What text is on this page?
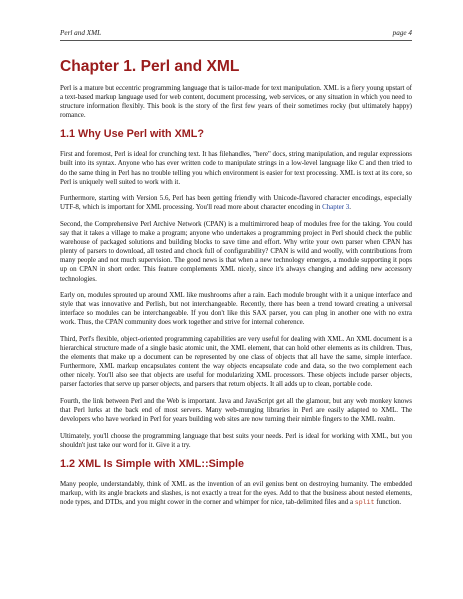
Perl and XML	page 4
Chapter 1. Perl and XML

Perl is a mature but eccentric programming language that is tailor-made for text manipulation. XML is a fiery young upstart of a text-based markup language used for web content, document processing, web services, or any situation in which you need to structure information flexibly. This book is the story of the first few years of their sometimes rocky (but ultimately happy) romance.

1.1 Why Use Perl with XML?

First and foremost, Perl is ideal for crunching text. It has filehandles, "here" docs, string manipulation, and regular expressions built into its syntax. Anyone who has ever written code to manipulate strings in a low-level language like C and then tried to do the same thing in Perl has no trouble telling you which environment is easier for text processing. XML is text at its core, so Perl is uniquely well suited to work with it.

Furthermore, starting with Version 5.6, Perl has been getting friendly with Unicode-flavored character encodings, especially UTF-8, which is important for XML processing. You'll read more about character encoding in Chapter 3.

Second, the Comprehensive Perl Archive Network (CPAN) is a multimirrored heap of modules free for the taking. You could say that it takes a village to make a program; anyone who undertakes a programming project in Perl should check the public warehouse of packaged solutions and building blocks to save time and effort. Why write your own parser when CPAN has plenty of parsers to download, all tested and chock full of configurability? CPAN is wild and woolly, with contributions from many people and not much supervision. The good news is that when a new technology emerges, a module supporting it pops up on CPAN in short order. This feature complements XML nicely, since it's always changing and adding new accessory technologies.

Early on, modules sprouted up around XML like mushrooms after a rain. Each module brought with it a unique interface and style that was innovative and Perlish, but not interchangeable. Recently, there has been a trend toward creating a universal interface so modules can be interchangeable. If you don't like this SAX parser, you can plug in another one with no extra work. Thus, the CPAN community does work together and strive for internal coherence.

Third, Perl's flexible, object-oriented programming capabilities are very useful for dealing with XML. An XML document is a hierarchical structure made of a single basic atomic unit, the XML element, that can hold other elements as its children. Thus, the elements that make up a document can be represented by one class of objects that all have the same, simple interface. Furthermore, XML markup encapsulates content the way objects encapsulate code and data, so the two complement each other nicely. You'll also see that objects are useful for modularizing XML processors. These objects include parser objects, parser factories that serve up parser objects, and parsers that return objects. It all adds up to clean, portable code.

Fourth, the link between Perl and the Web is important. Java and JavaScript get all the glamour, but any web monkey knows that Perl lurks at the back end of most servers. Many web-munging libraries in Perl are easily adapted to XML. The developers who have worked in Perl for years building web sites are now turning their nimble fingers to the XML realm.

Ultimately, you'll choose the programming language that best suits your needs. Perl is ideal for working with XML, but you shouldn't just take our word for it. Give it a try.

1.2 XML Is Simple with XML::Simple

Many people, understandably, think of XML as the invention of an evil genius bent on destroying humanity. The embedded markup, with its angle brackets and slashes, is not exactly a treat for the eyes. Add to that the business about nested elements, node types, and DTDs, and you might cower in the corner and whimper for nice, tab-delimited files and a split function.
